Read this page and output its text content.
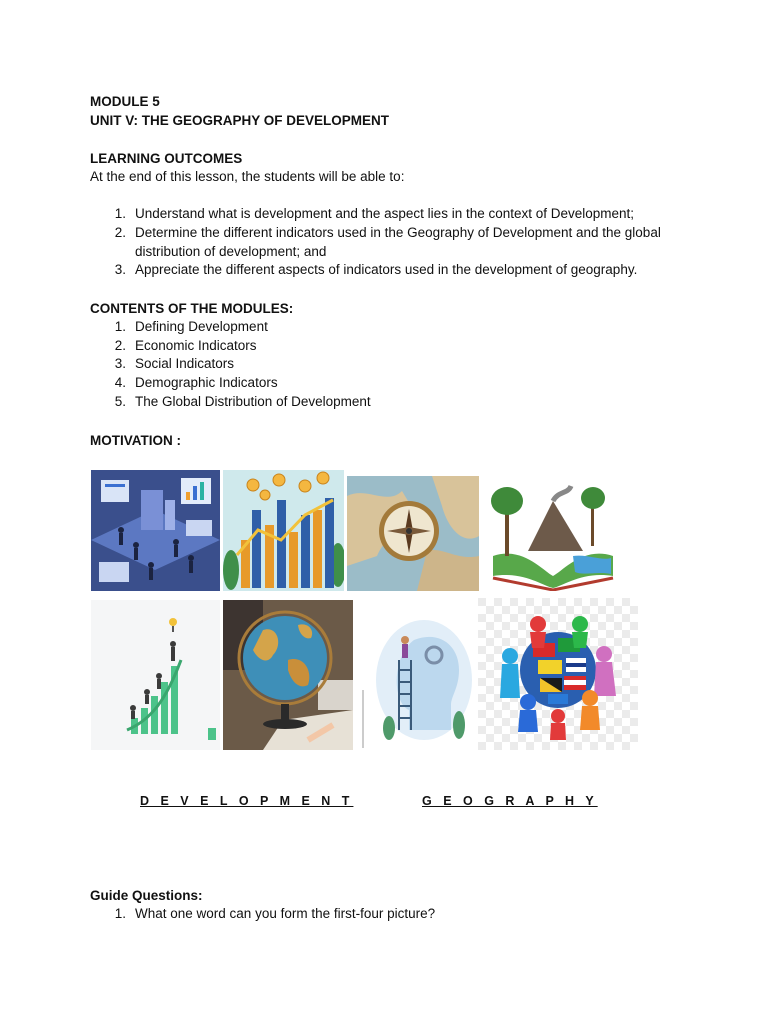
MODULE 5
UNIT V: THE GEOGRAPHY OF DEVELOPMENT
LEARNING OUTCOMES
At the end of this lesson, the students will be able to:
1. Understand what is development and the aspect lies in the context of Development;
2. Determine the different indicators used in the Geography of Development and the global
distribution of development; and
3. Appreciate the different aspects of indicators used in the development of geography.
CONTENTS OF THE MODULES:
1. Defining Development
2. Economic Indicators
3. Social Indicators
4. Demographic Indicators
5. The Global Distribution of Development
MOTIVATION :
D E V E L O P M E N T	G E O G R A P H Y
Guide Questions:
1. What one word can you form the first-four picture?
